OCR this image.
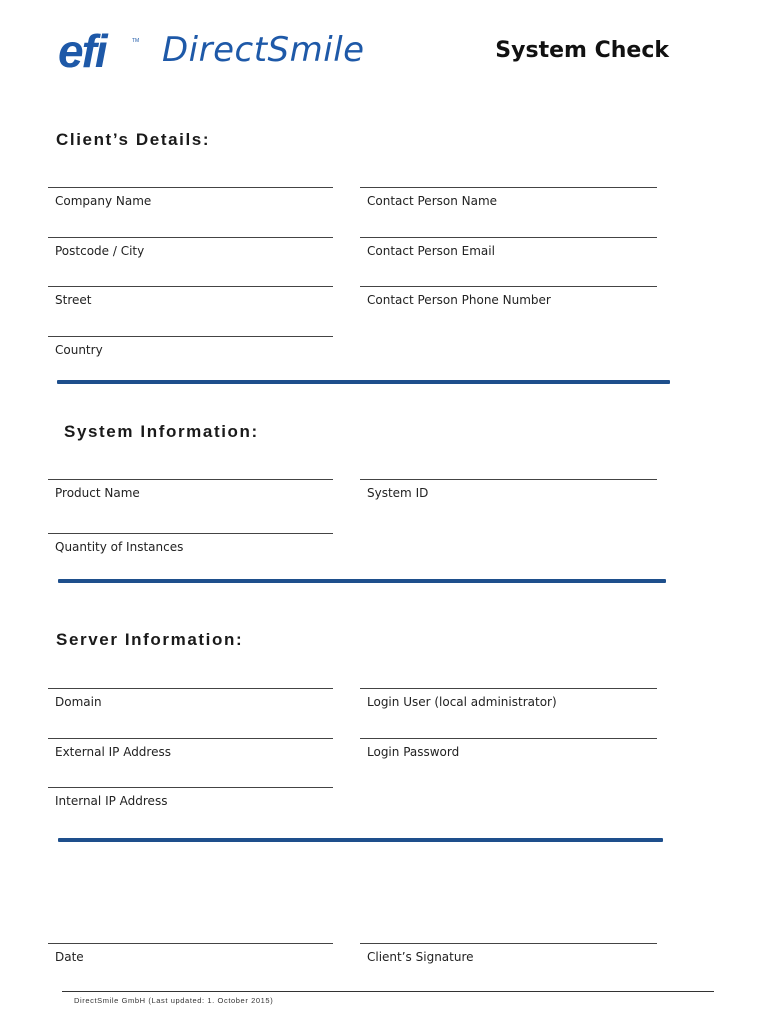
efi	TM DirectSmile	System Check
Client’s Details:
Company Name	Contact Person Name
Postcode / City	Contact Person Email
Street	Contact Person Phone Number
Country
System Information:
Product Name	System ID
Quantity of Instances
Server Information:
Domain	Login User (local administrator)
External IP Address	Login Password
Internal IP Address
Date	Client’s Signature
DirectSmile GmbH (Last updated: 1. October 2015)
